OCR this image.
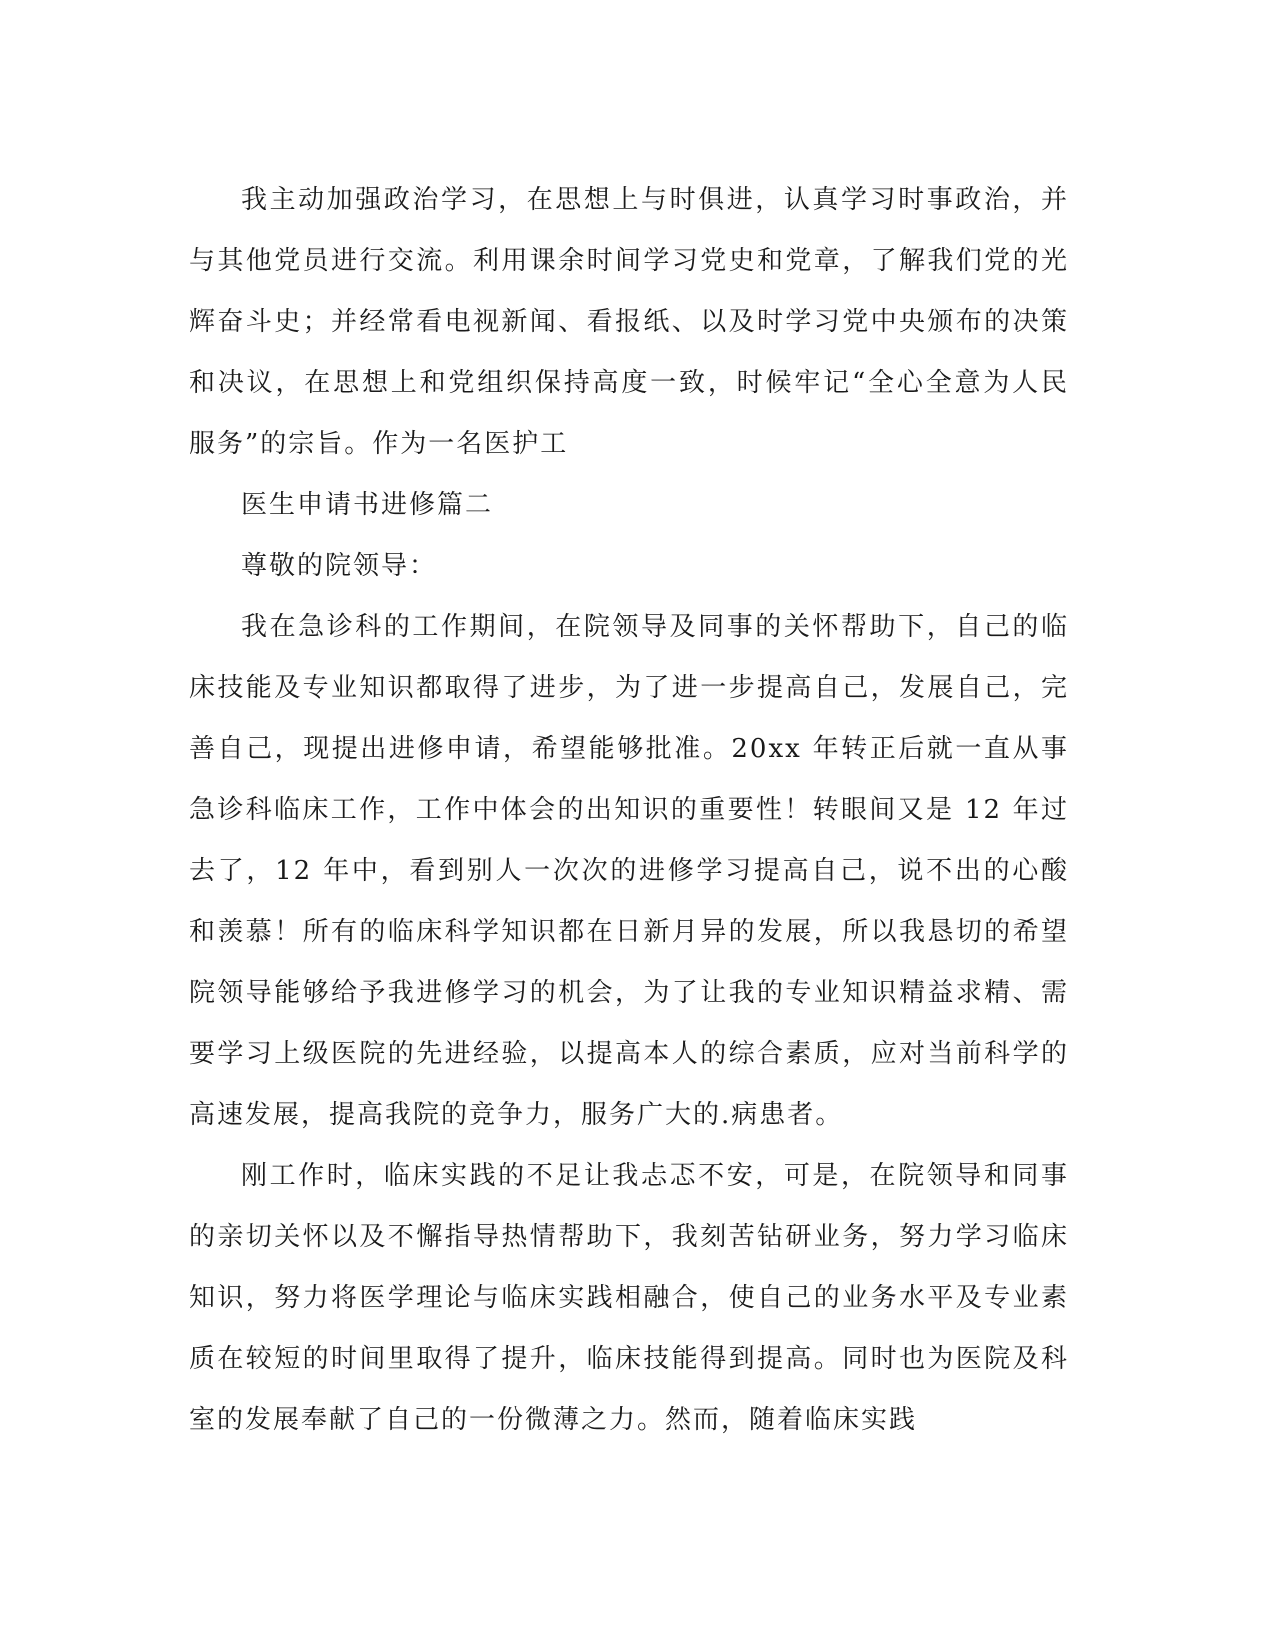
我主动加强政治学习，在思想上与时俱进，认真学习时事政治，并与其他党员进行交流。利用课余时间学习党史和党章，了解我们党的光辉奋斗史；并经常看电视新闻、看报纸、以及时学习党中央颁布的决策和决议，在思想上和党组织保持高度一致，时候牢记“全心全意为人民服务”的宗旨。作为一名医护工

医生申请书进修篇二

尊敬的院领导：

我在急诊科的工作期间，在院领导及同事的关怀帮助下，自己的临床技能及专业知识都取得了进步，为了进一步提高自己，发展自己，完善自己，现提出进修申请，希望能够批准。20xx 年转正后就一直从事急诊科临床工作，工作中体会的出知识的重要性！转眼间又是 12 年过去了，12 年中，看到别人一次次的进修学习提高自己，说不出的心酸和羡慕！所有的临床科学知识都在日新月异的发展，所以我恳切的希望院领导能够给予我进修学习的机会，为了让我的专业知识精益求精、需要学习上级医院的先进经验，以提高本人的综合素质，应对当前科学的高速发展，提高我院的竞争力，服务广大的.病患者。

刚工作时，临床实践的不足让我忐忑不安，可是，在院领导和同事的亲切关怀以及不懈指导热情帮助下，我刻苦钻研业务，努力学习临床知识，努力将医学理论与临床实践相融合，使自己的业务水平及专业素质在较短的时间里取得了提升，临床技能得到提高。同时也为医院及科室的发展奉献了自己的一份微薄之力。然而，随着临床实践
